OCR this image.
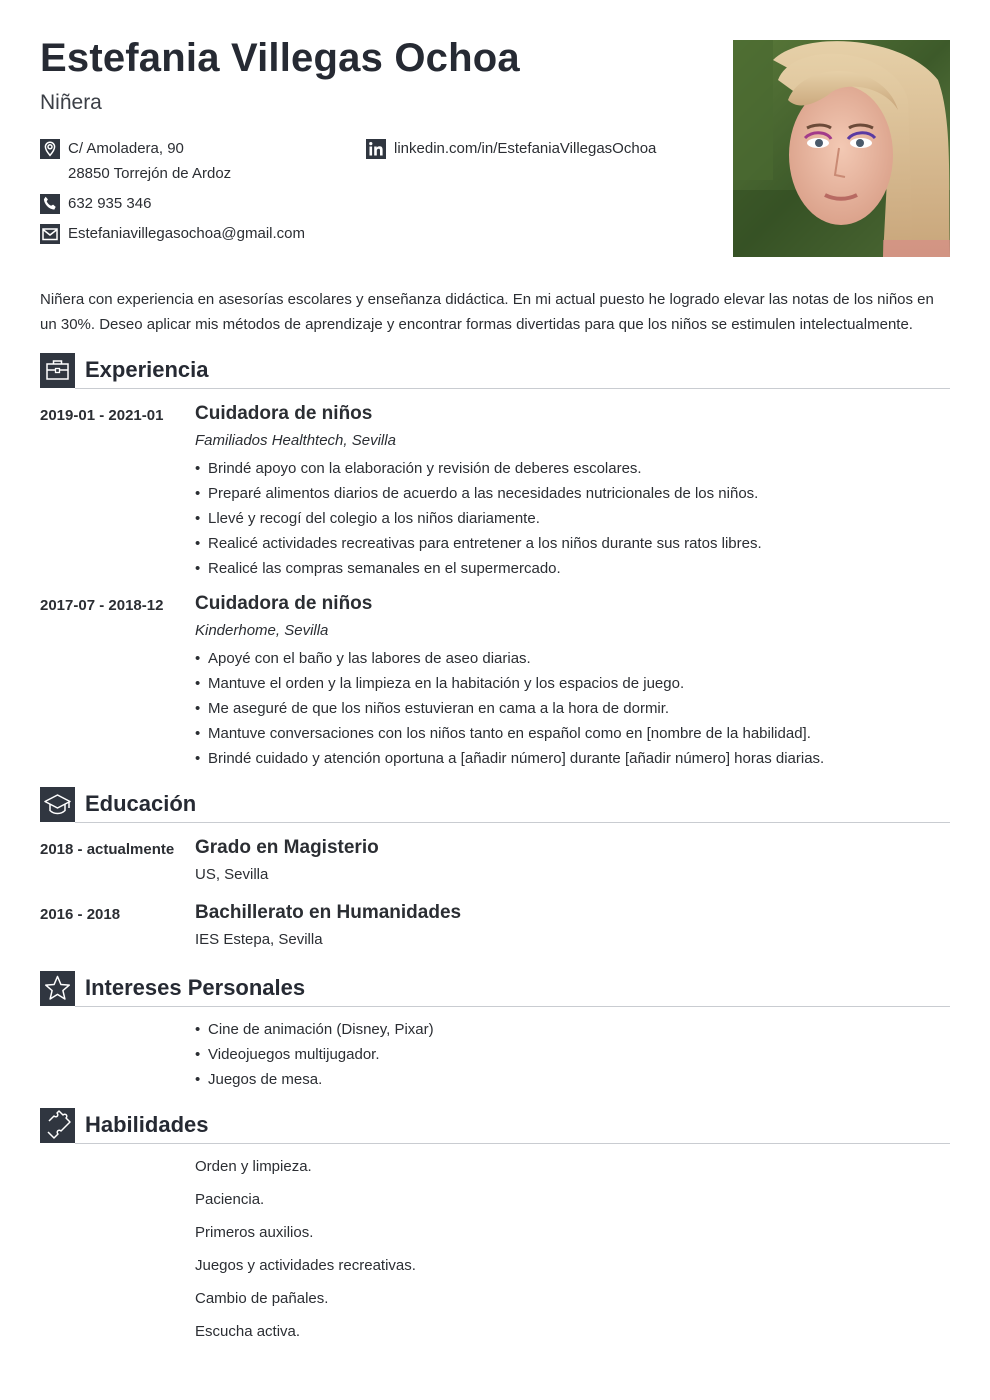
Estefania Villegas Ochoa
Niñera
C/ Amoladera, 90
28850 Torrejón de Ardoz
linkedin.com/in/EstefaniaVillegasOchoa
632 935 346
Estefaniavillegasochoa@gmail.com
Niñera con experiencia en asesorías escolares y enseñanza didáctica. En mi actual puesto he logrado elevar las notas de los niños en un 30%. Deseo aplicar mis métodos de aprendizaje y encontrar formas divertidas para que los niños se estimulen intelectualmente.
Experiencia
2019-01 - 2021-01 Cuidadora de niños
Familiados Healthtech, Sevilla
• Brindé apoyo con la elaboración y revisión de deberes escolares.
• Preparé alimentos diarios de acuerdo a las necesidades nutricionales de los niños.
• Llevé y recogí del colegio a los niños diariamente.
• Realicé actividades recreativas para entretener a los niños durante sus ratos libres.
• Realicé las compras semanales en el supermercado.
2017-07 - 2018-12 Cuidadora de niños
Kinderhome, Sevilla
• Apoyé con el baño y las labores de aseo diarias.
• Mantuve el orden y la limpieza en la habitación y los espacios de juego.
• Me aseguré de que los niños estuvieran en cama a la hora de dormir.
• Mantuve conversaciones con los niños tanto en español como en [nombre de la habilidad].
• Brindé cuidado y atención oportuna a [añadir número] durante [añadir número] horas diarias.
Educación
2018 - actualmente Grado en Magisterio
US, Sevilla
2016 - 2018	Bachillerato en Humanidades
IES Estepa, Sevilla
Intereses Personales
• Cine de animación (Disney, Pixar)
• Videojuegos multijugador.
• Juegos de mesa.
Habilidades
Orden y limpieza.
Paciencia.
Primeros auxilios.
Juegos y actividades recreativas.
Cambio de pañales.
Escucha activa.
